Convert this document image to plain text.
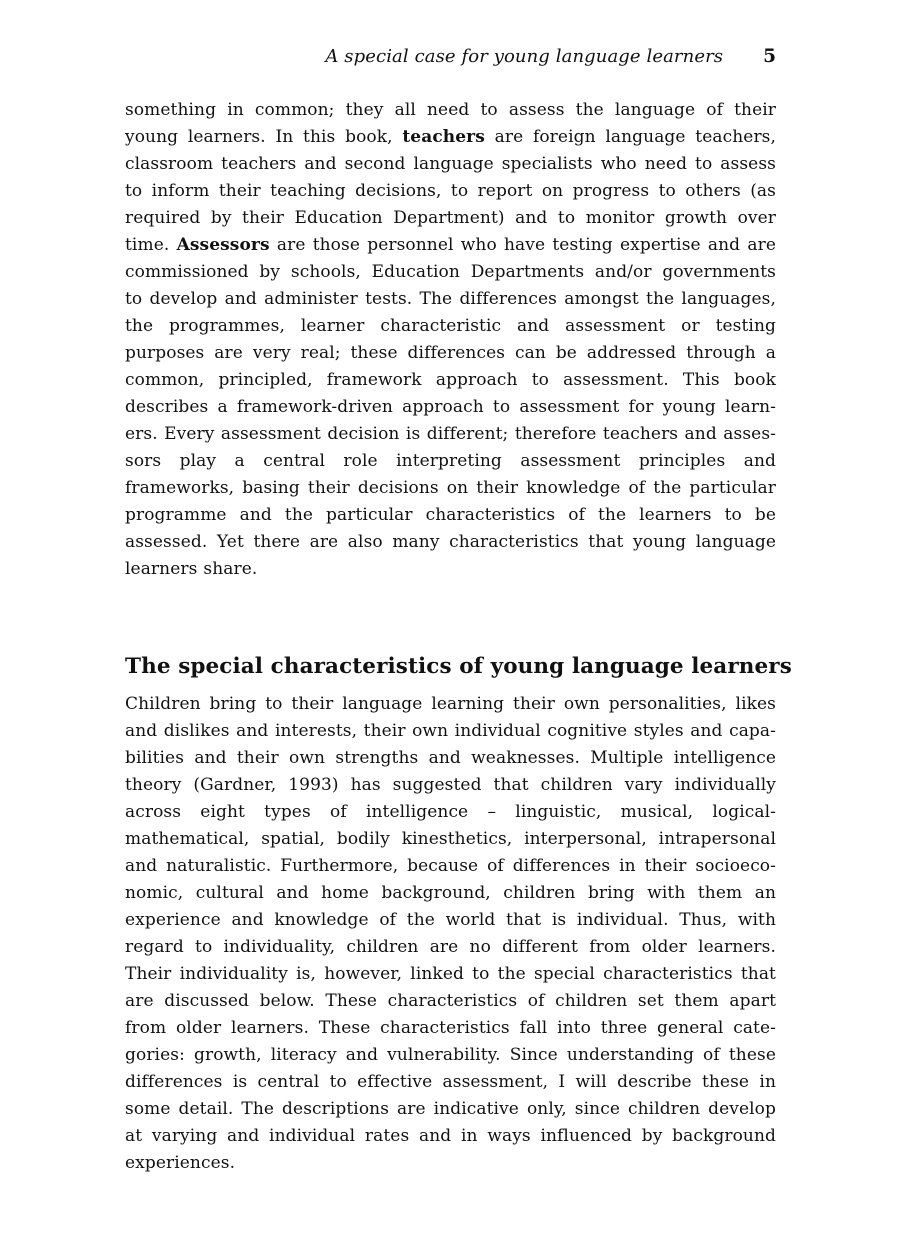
A special case for young language learners 5
something in common; they all need to assess the language of their
young learners. In this book, teachers are foreign language teachers,
classroom teachers and second language specialists who need to assess
to inform their teaching decisions, to report on progress to others (as
required by their Education Department) and to monitor growth over
time. Assessors are those personnel who have testing expertise and are
commissioned by schools, Education Departments and/or governments
to develop and administer tests. The differences amongst the languages,
the programmes, learner characteristic and assessment or testing
purposes are very real; these differences can be addressed through a
common, principled, framework approach to assessment. This book
describes a framework-driven approach to assessment for young learn-
ers. Every assessment decision is different; therefore teachers and asses-
sors play a central role interpreting assessment principles and
frameworks, basing their decisions on their knowledge of the particular
programme and the particular characteristics of the learners to be
assessed. Yet there are also many characteristics that young language
learners share.
The special characteristics of young language learners
Children bring to their language learning their own personalities, likes
and dislikes and interests, their own individual cognitive styles and capa-
bilities and their own strengths and weaknesses. Multiple intelligence
theory (Gardner, 1993) has suggested that children vary individually
across eight types of intelligence – linguistic, musical, logical-
mathematical, spatial, bodily kinesthetics, interpersonal, intrapersonal
and naturalistic. Furthermore, because of differences in their socioeco-
nomic, cultural and home background, children bring with them an
experience and knowledge of the world that is individual. Thus, with
regard to individuality, children are no different from older learners.
Their individuality is, however, linked to the special characteristics that
are discussed below. These characteristics of children set them apart
from older learners. These characteristics fall into three general cate-
gories: growth, literacy and vulnerability. Since understanding of these
differences is central to effective assessment, I will describe these in
some detail. The descriptions are indicative only, since children develop
at varying and individual rates and in ways influenced by background
experiences.
